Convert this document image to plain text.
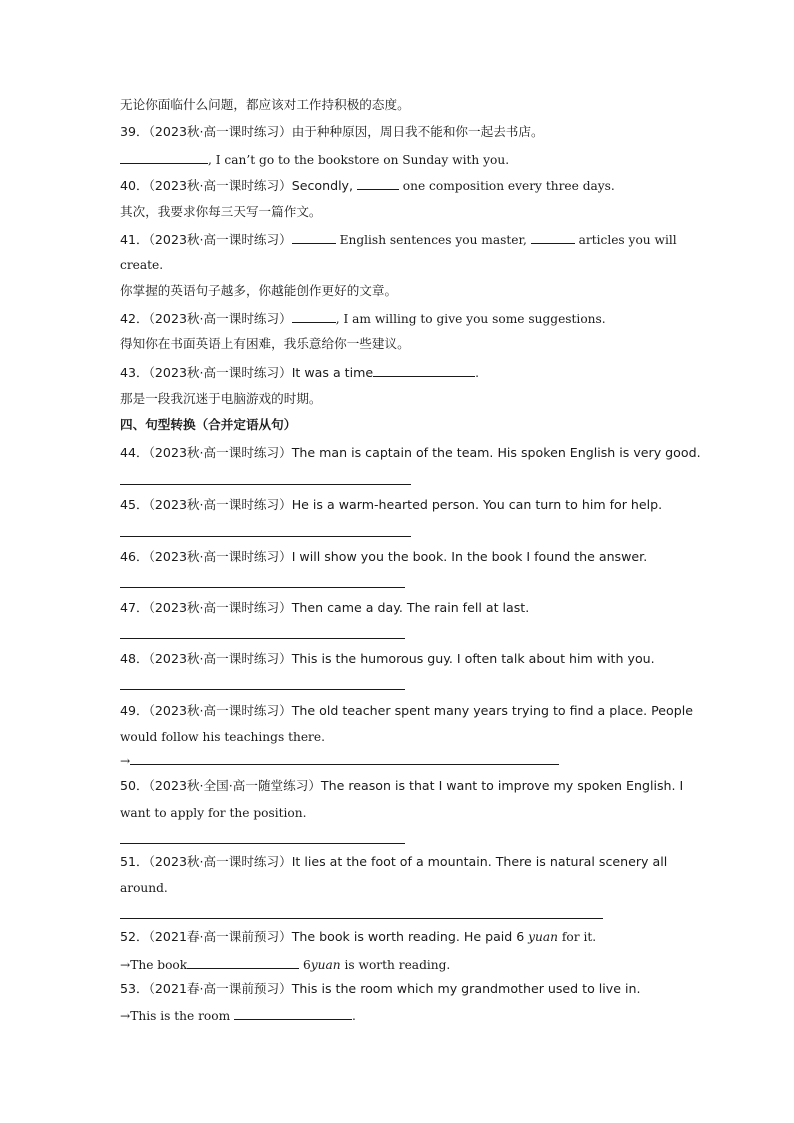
无论你面临什么问题，都应该对工作持积极的态度。
39．（2023秋·高一课时练习）由于种种原因，周日我不能和你一起去书店。
, I can’t go to the bookstore on Sunday with you.
40．（2023秋·高一课时练习）Secondly,	one composition every three days.
其次，我要求你每三天写一篇作文。
41．（2023秋·高一课时练习）	English sentences you master,	articles you will
create.
你掌握的英语句子越多，你越能创作更好的文章。
42．（2023秋·高一课时练习）	, I am willing to give you some suggestions.
得知你在书面英语上有困难，我乐意给你一些建议。
43．（2023秋·高一课时练习）It was a time	.
那是一段我沉迷于电脑游戏的时期。
四、句型转换（合并定语从句）
44．（2023秋·高一课时练习）The man is captain of the team. His spoken English is very good.
45．（2023秋·高一课时练习）He is a warm-hearted person. You can turn to him for help.
46．（2023秋·高一课时练习）I will show you the book. In the book I found the answer.
47．（2023秋·高一课时练习）Then came a day. The rain fell at last.
48．（2023秋·高一课时练习）This is the humorous guy. I often talk about him with you.
49．（2023秋·高一课时练习）The old teacher spent many years trying to find a place. People
would follow his teachings there.
→
50．（2023秋·全国·高一随堂练习）The reason is that I want to improve my spoken English. I
want to apply for the position.
51．（2023秋·高一课时练习）It lies at the foot of a mountain. There is natural scenery all
around.
52．（2021春·高一课前预习）The book is worth reading. He paid 6 yuan for it.
→The book	6yuan is worth reading.
53．（2021春·高一课前预习）This is the room which my grandmother used to live in.
→This is the room	.
